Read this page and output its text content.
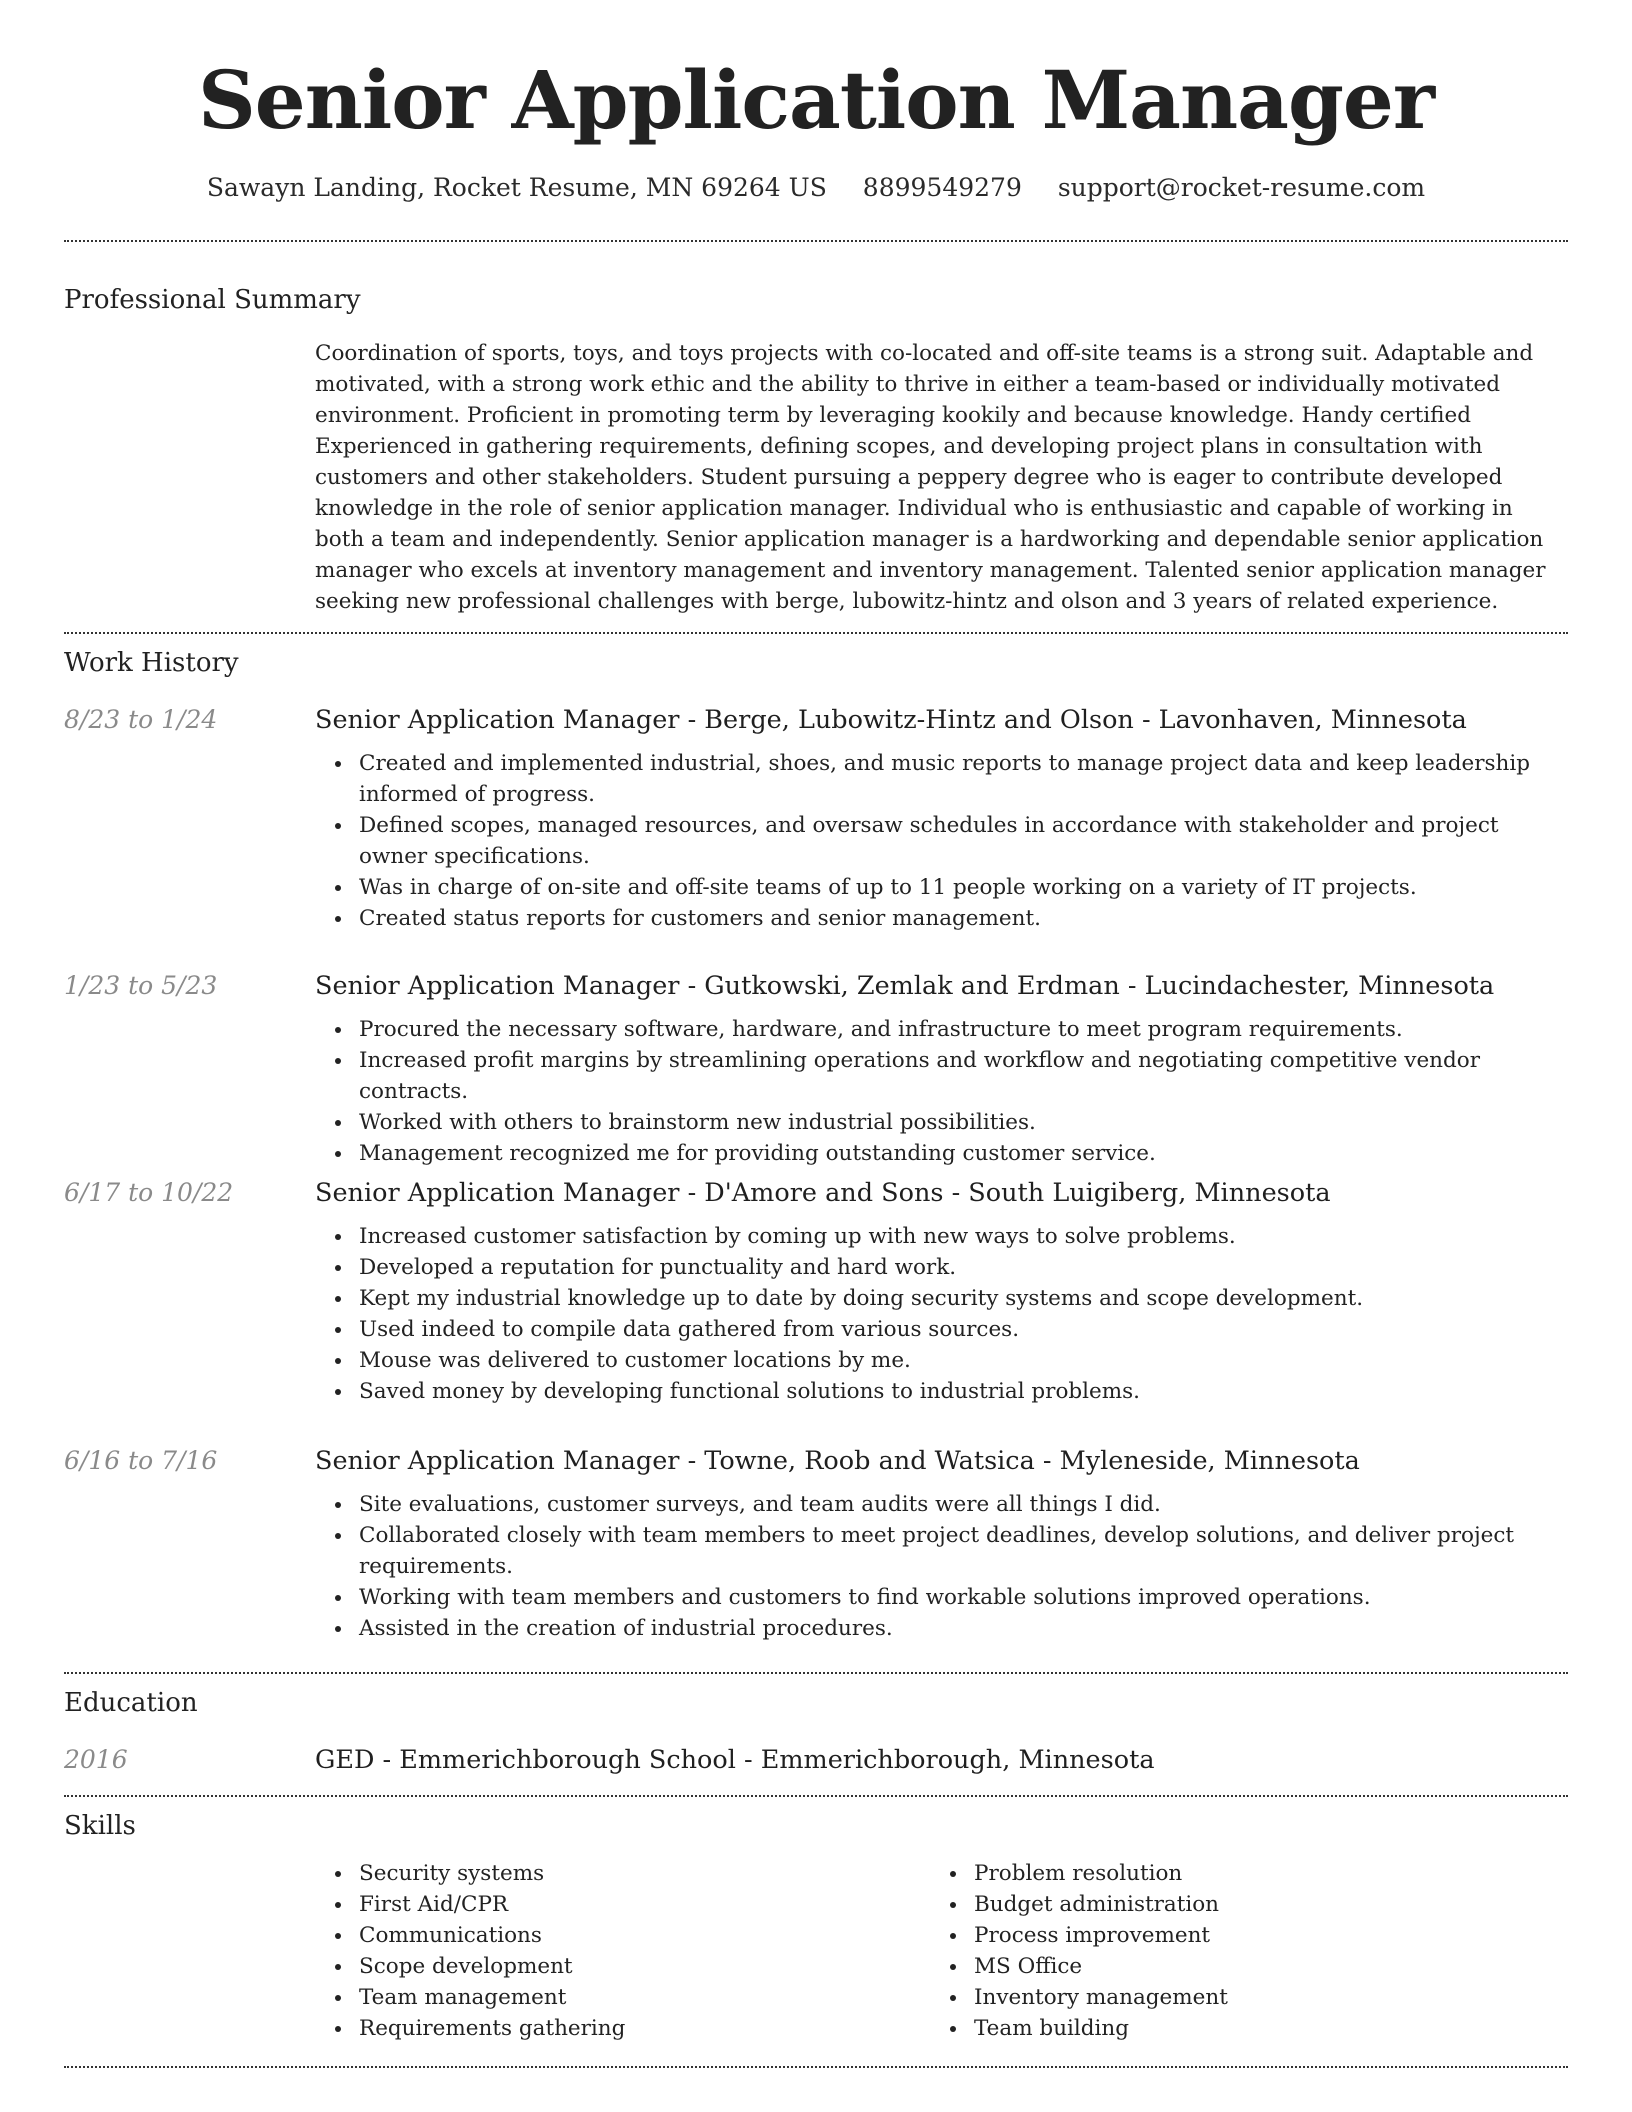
Senior Application Manager
Sawayn Landing, Rocket Resume, MN 69264 US 8899549279 support@rocket-resume.com
Professional Summary
Coordination of sports, toys, and toys projects with co-located and off-site teams is a strong suit. Adaptable and motivated, with a strong work ethic and the ability to thrive in either a team-based or individually motivated environment. Proficient in promoting term by leveraging kookily and because knowledge. Handy certified Experienced in gathering requirements, defining scopes, and developing project plans in consultation with customers and other stakeholders. Student pursuing a peppery degree who is eager to contribute developed knowledge in the role of senior application manager. Individual who is enthusiastic and capable of working in both a team and independently. Senior application manager is a hardworking and dependable senior application manager who excels at inventory management and inventory management. Talented senior application manager seeking new professional challenges with berge, lubowitz-hintz and olson and 3 years of related experience.
Work History
8/23 to 1/24	Senior Application Manager - Berge, Lubowitz-Hintz and Olson - Lavonhaven, Minnesota
Created and implemented industrial, shoes, and music reports to manage project data and keep leadership informed of progress.
Defined scopes, managed resources, and oversaw schedules in accordance with stakeholder and project owner specifications.
Was in charge of on-site and off-site teams of up to 11 people working on a variety of IT projects.
Created status reports for customers and senior management.
1/23 to 5/23	Senior Application Manager - Gutkowski, Zemlak and Erdman - Lucindachester, Minnesota
Procured the necessary software, hardware, and infrastructure to meet program requirements.
Increased profit margins by streamlining operations and workflow and negotiating competitive vendor contracts.
Worked with others to brainstorm new industrial possibilities.
Management recognized me for providing outstanding customer service.
6/17 to 10/22	Senior Application Manager - D'Amore and Sons - South Luigiberg, Minnesota
Increased customer satisfaction by coming up with new ways to solve problems.
Developed a reputation for punctuality and hard work.
Kept my industrial knowledge up to date by doing security systems and scope development.
Used indeed to compile data gathered from various sources.
Mouse was delivered to customer locations by me.
Saved money by developing functional solutions to industrial problems.
6/16 to 7/16	Senior Application Manager - Towne, Roob and Watsica - Myleneside, Minnesota
Site evaluations, customer surveys, and team audits were all things I did.
Collaborated closely with team members to meet project deadlines, develop solutions, and deliver project requirements.
Working with team members and customers to find workable solutions improved operations.
Assisted in the creation of industrial procedures.
Education
2016	GED - Emmerichborough School - Emmerichborough, Minnesota
Skills
Security systems
First Aid/CPR
Communications
Scope development
Team management
Requirements gathering
Problem resolution
Budget administration
Process improvement
MS Office
Inventory management
Team building
